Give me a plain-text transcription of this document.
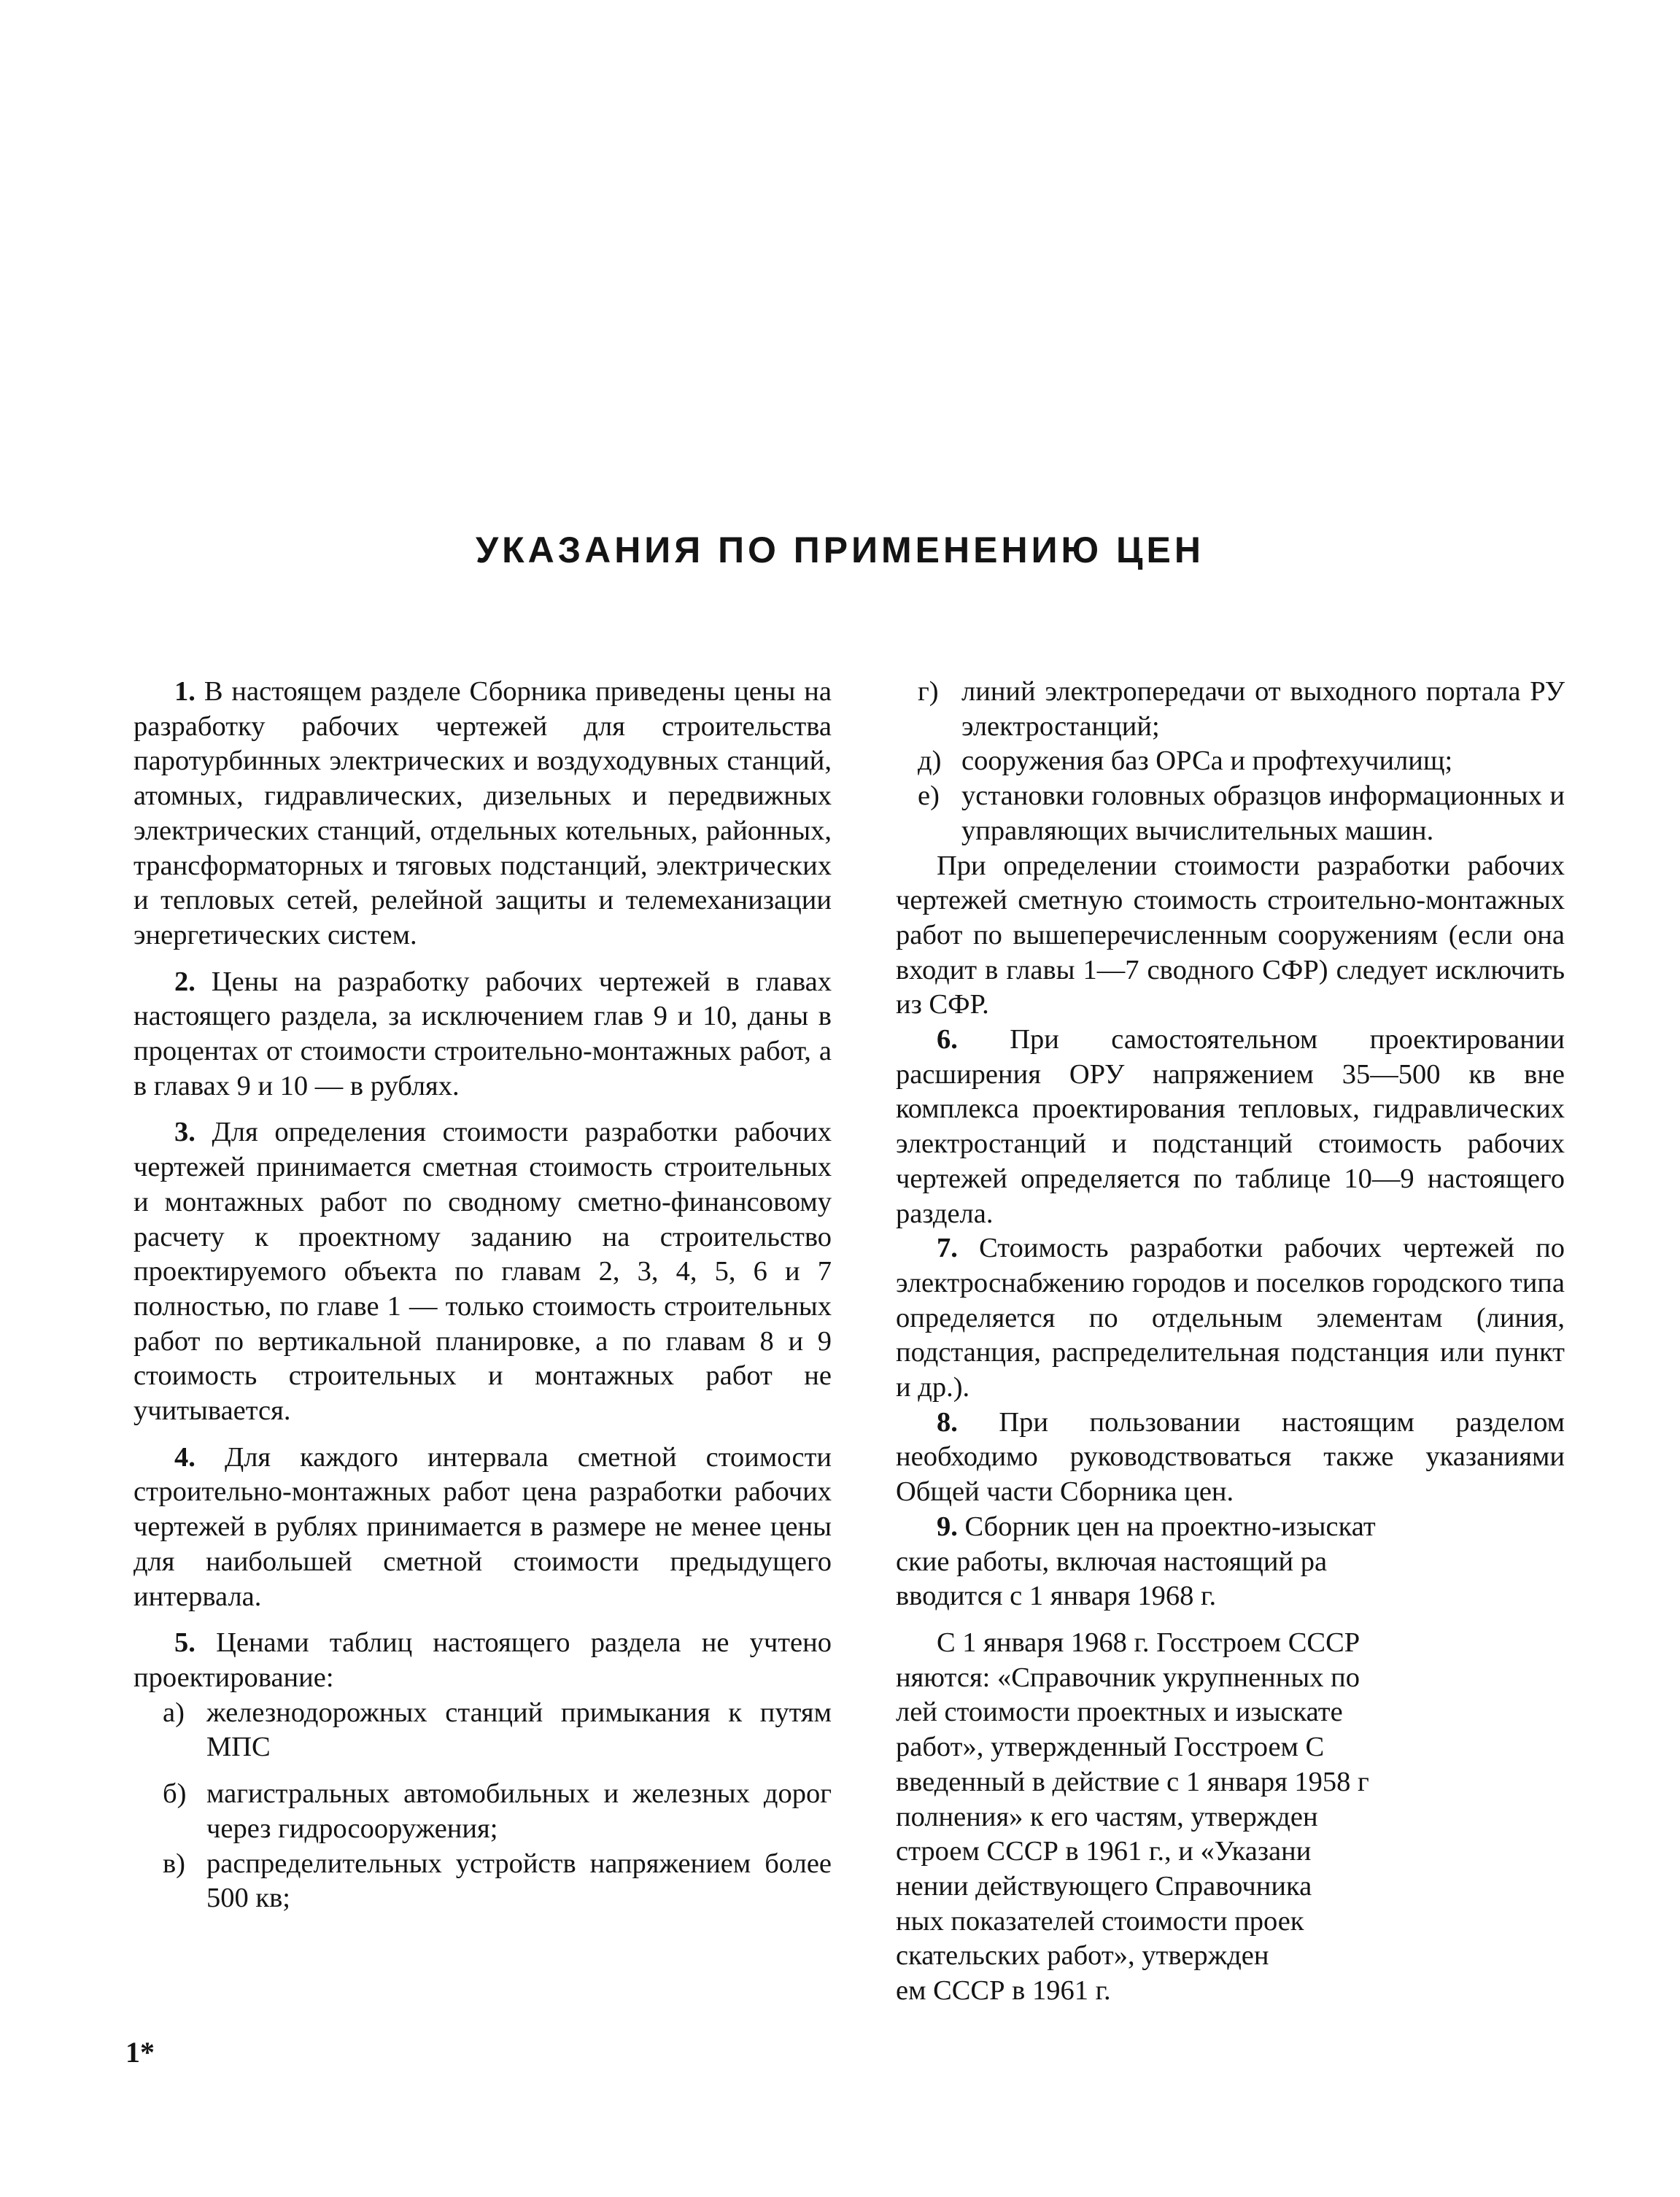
УКАЗАНИЯ ПО ПРИМЕНЕНИЮ ЦЕН

1. В настоящем разделе Сборника приведены цены на разработку рабочих чертежей для строительства паротурбинных электрических и воздуходувных станций, атомных, гидравлических, дизельных и передвижных электрических станций, отдельных котельных, районных, трансформаторных и тяговых подстанций, электрических и тепловых сетей, релейной защиты и телемеханизации энергетических систем.

2. Цены на разработку рабочих чертежей в главах настоящего раздела, за исключением глав 9 и 10, даны в процентах от стоимости строительно-монтажных работ, а в главах 9 и 10 — в рублях.

3. Для определения стоимости разработки рабочих чертежей принимается сметная стоимость строительных и монтажных работ по сводному сметно-финансовому расчету к проектному заданию на строительство проектируемого объекта по главам 2, 3, 4, 5, 6 и 7 полностью, по главе 1 — только стоимость строительных работ по вертикальной планировке, а по главам 8 и 9 стоимость строительных и монтажных работ не учитывается.

4. Для каждого интервала сметной стоимости строительно-монтажных работ цена разработки рабочих чертежей в рублях принимается в размере не менее цены для наибольшей сметной стоимости предыдущего интервала.

5. Ценами таблиц настоящего раздела не учтено проектирование:

а) железнодорожных станций примыкания к путям МПС

б) магистральных автомобильных и железных дорог через гидросооружения;

в) распределительных устройств напряжением более 500 кв;

г) линий электропередачи от выходного портала РУ электростанций;

д) сооружения баз ОРСа и профтехучилищ;

е) установки головных образцов информационных и управляющих вычислительных машин.

При определении стоимости разработки рабочих чертежей сметную стоимость строительно-монтажных работ по вышеперечисленным сооружениям (если она входит в главы 1—7 сводного СФР) следует исключить из СФР.

6. При самостоятельном проектировании расширения ОРУ напряжением 35—500 кв вне комплекса проектирования тепловых, гидравлических электростанций и подстанций стоимость рабочих чертежей определяется по таблице 10—9 настоящего раздела.

7. Стоимость разработки рабочих чертежей по электроснабжению городов и поселков городского типа определяется по отдельным элементам (линия, подстанция, распределительная подстанция или пункт и др.).

8. При пользовании настоящим разделом необходимо руководствоваться также указаниями Общей части Сборника цен.

9. Сборник цен на проектно-изыскат
ские работы, включая настоящий ра
вводится с 1 января 1968 г.
С 1 января 1968 г. Госстроем СССР
няются: «Справочник укрупненных по
лей стоимости проектных и изыскате
работ», утвержденный Госстроем С
введенный в действие с 1 января 1958 г
полнения» к его частям, утвержден
строем СССР в 1961 г., и «Указани
нении действующего Справочника
ных показателей стоимости проек
скательских работ», утвержден
ем СССР в 1961 г.
1*
